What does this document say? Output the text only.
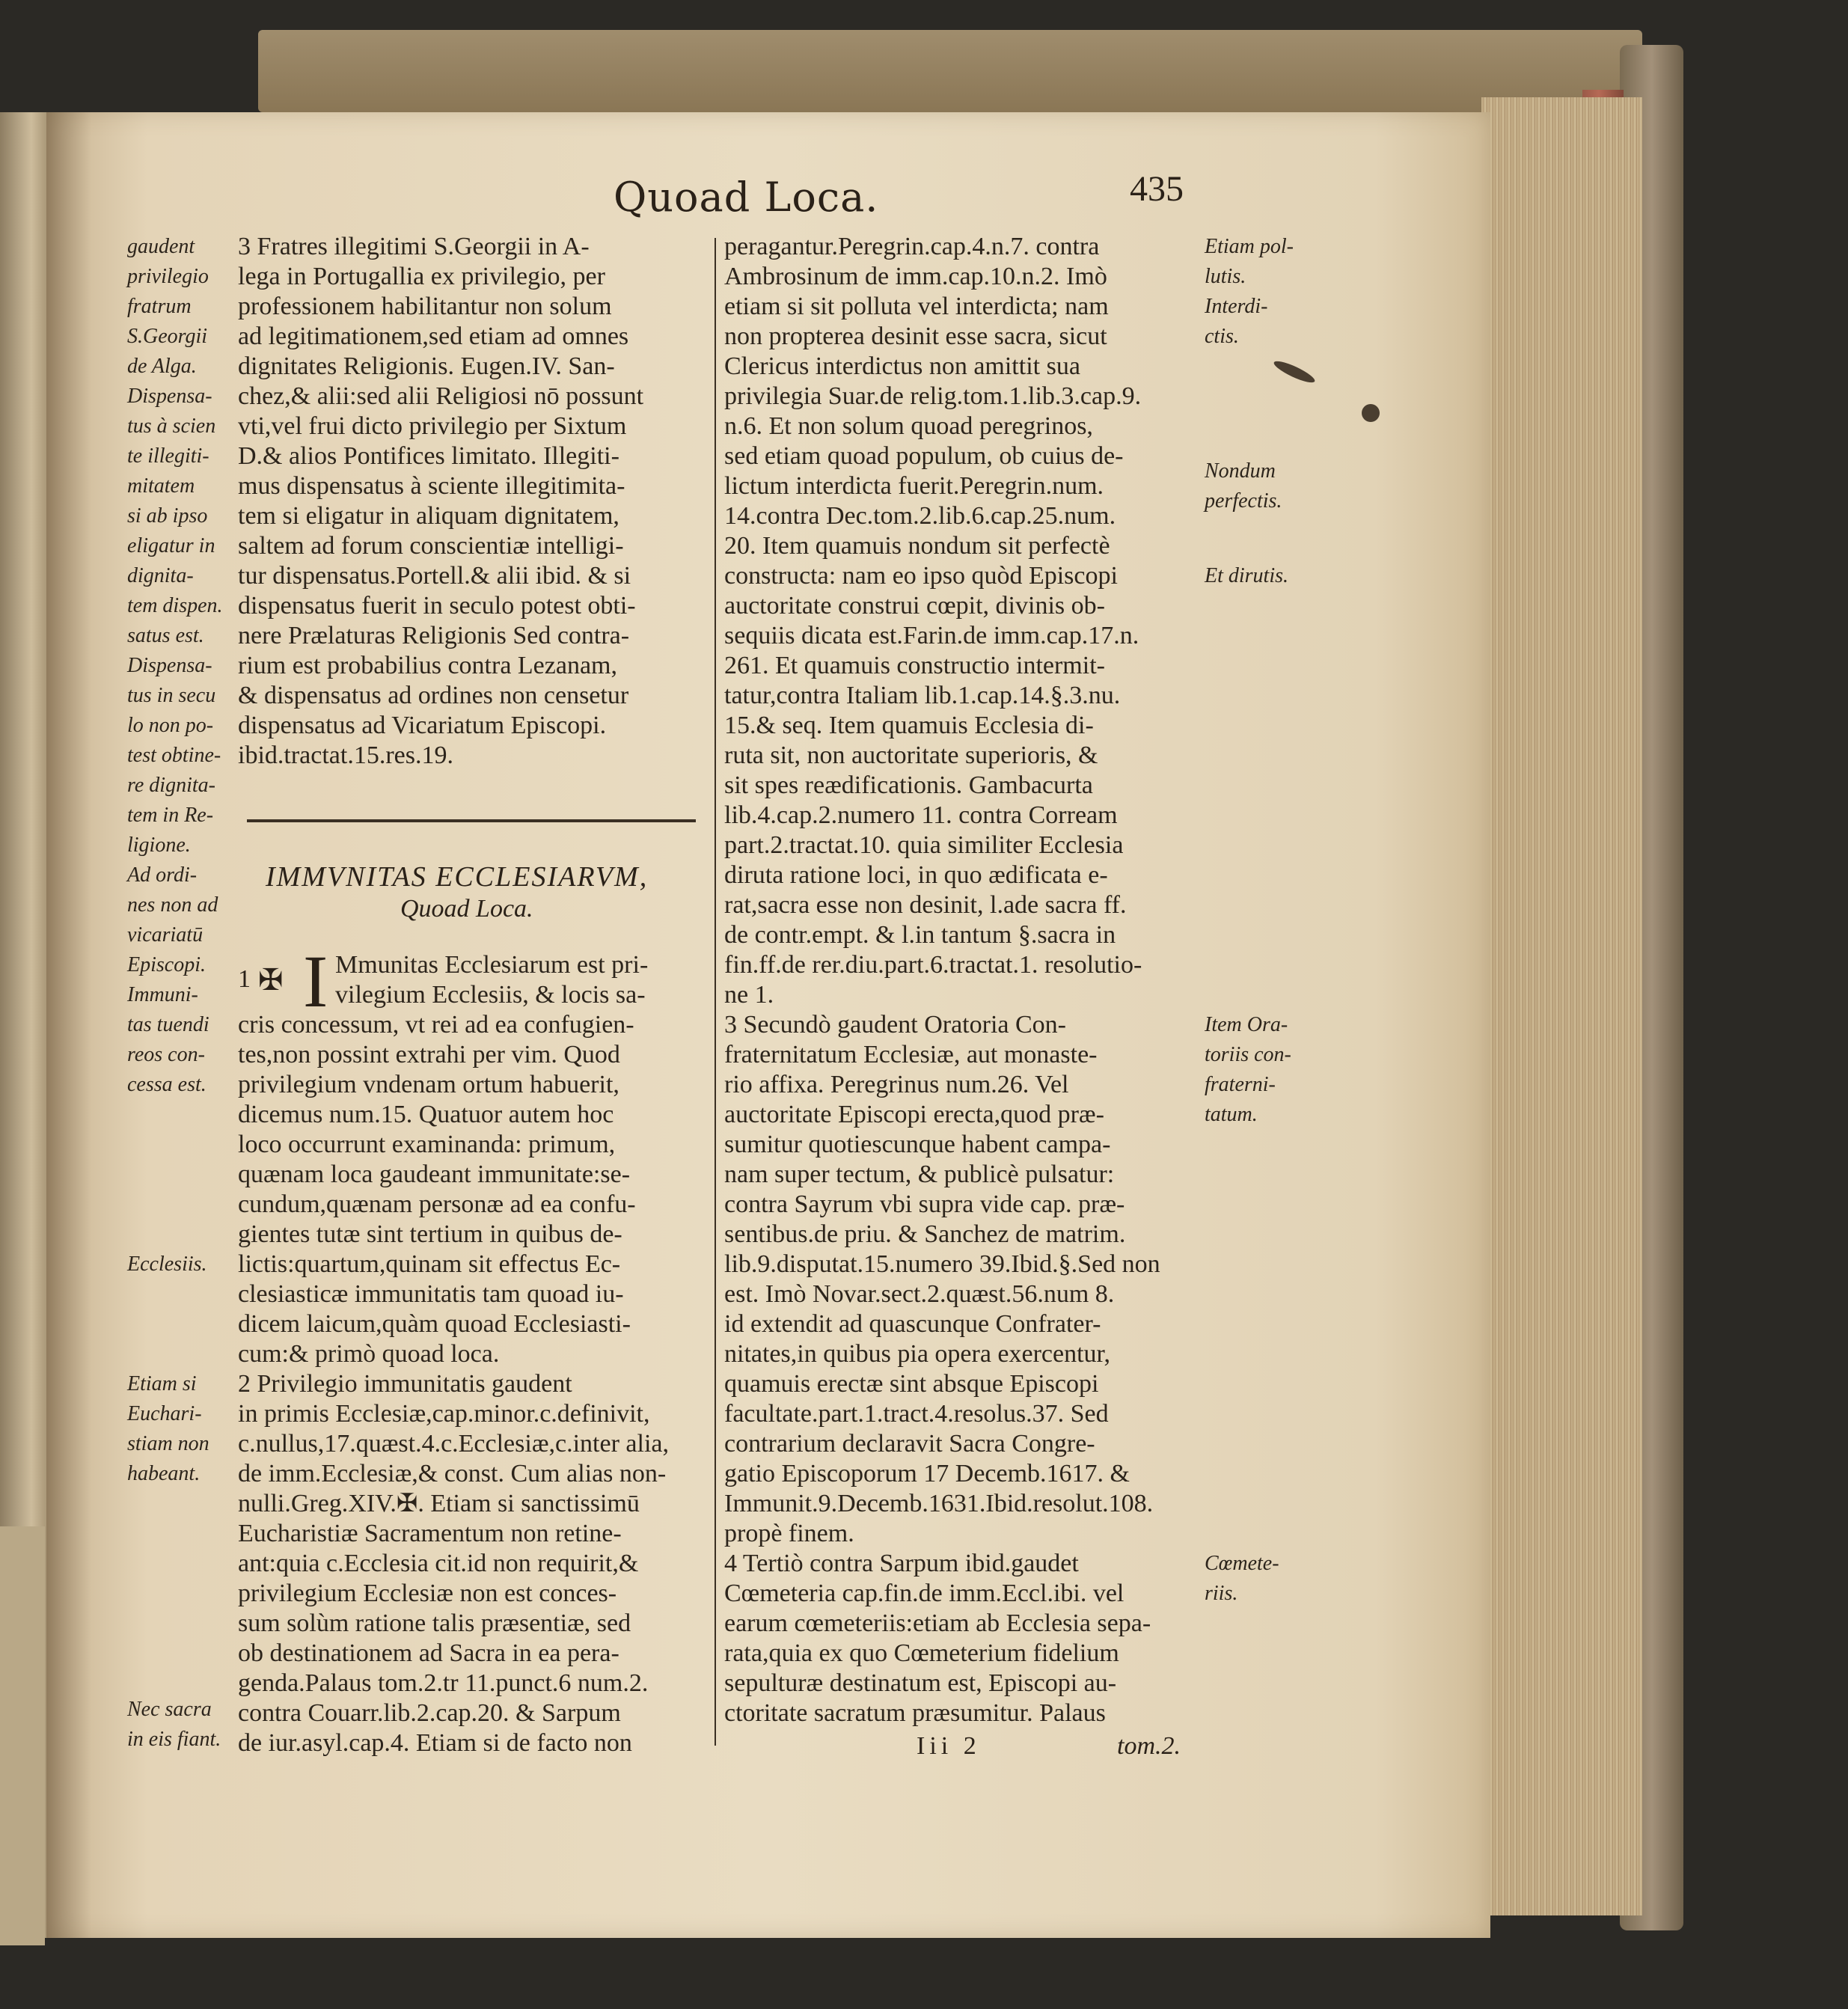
Quoad Loca.	435
3 Fratres illegitimi S.Georgii in A-
lega in Portugallia ex privilegio, per
professionem habilitantur non solum
ad legitimationem,sed etiam ad omnes
dignitates Religionis. Eugen.IV. San-
chez,& alii:sed alii Religiosi nō possunt
vti,vel frui dicto privilegio per Sixtum
D.& alios Pontifices limitato. Illegiti-
mus dispensatus à sciente illegitimita-
tem si eligatur in aliquam dignitatem,
saltem ad forum conscientiæ intelligi-
tur dispensatus.Portell.& alii ibid. & si
dispensatus fuerit in seculo potest obti-
nere Prælaturas Religionis Sed contra-
rium est probabilius contra Lezanam,
& dispensatus ad ordines non censetur
dispensatus ad Vicariatum Episcopi.
ibid.tractat.15.res.19.
IMMVNITAS ECCLESIARVM,
Quoad Loca.
1 ✠ I Mmunitas Ecclesiarum est pri-
vilegium Ecclesiis, & locis sa-
cris concessum, vt rei ad ea confugien-
tes,non possint extrahi per vim. Quod
privilegium vndenam ortum habuerit,
dicemus num.15. Quatuor autem hoc
loco occurrunt examinanda: primum,
quænam loca gaudeant immunitate:se-
cundum,quænam personæ ad ea confu-
gientes tutæ sint tertium in quibus de-
lictis:quartum,quinam sit effectus Ec-
clesiasticæ immunitatis tam quoad iu-
dicem laicum,quàm quoad Ecclesiasti-
cum:& primò quoad loca.
2 Privilegio immunitatis gaudent
in primis Ecclesiæ,cap.minor.c.definivit,
c.nullus,17.quæst.4.c.Ecclesiæ,c.inter alia,
de imm.Ecclesiæ,& const. Cum alias non-
nulli.Greg.XIV.✠. Etiam si sanctissimū
Eucharistiæ Sacramentum non retine-
ant:quia c.Ecclesia cit.id non requirit,&
privilegium Ecclesiæ non est conces-
sum solùm ratione talis præsentiæ, sed
ob destinationem ad Sacra in ea pera-
genda.Palaus tom.2.tr 11.punct.6 num.2.
contra Couarr.lib.2.cap.20. & Sarpum
de iur.asyl.cap.4. Etiam si de facto non
peragantur.Peregrin.cap.4.n.7. contra
Ambrosinum de imm.cap.10.n.2. Imò
etiam si sit polluta vel interdicta; nam
non propterea desinit esse sacra, sicut
Clericus interdictus non amittit sua
privilegia Suar.de relig.tom.1.lib.3.cap.9.
n.6. Et non solum quoad peregrinos,
sed etiam quoad populum, ob cuius de-
lictum interdicta fuerit.Peregrin.num.
14.contra Dec.tom.2.lib.6.cap.25.num.
20. Item quamuis nondum sit perfectè
constructa: nam eo ipso quòd Episcopi
auctoritate construi cœpit, divinis ob-
sequiis dicata est.Farin.de imm.cap.17.n.
261. Et quamuis constructio intermit-
tatur,contra Italiam lib.1.cap.14.§.3.nu.
15.& seq. Item quamuis Ecclesia di-
ruta sit, non auctoritate superioris, &
sit spes reædificationis. Gambacurta
lib.4.cap.2.numero 11. contra Corream
part.2.tractat.10. quia similiter Ecclesia
diruta ratione loci, in quo ædificata e-
rat,sacra esse non desinit, l.ade sacra ff.
de contr.empt. & l.in tantum §.sacra in
fin.ff.de rer.diu.part.6.tractat.1. resolutio-
ne 1.
3 Secundò gaudent Oratoria Con-
fraternitatum Ecclesiæ, aut monaste-
rio affixa. Peregrinus num.26. Vel
auctoritate Episcopi erecta,quod præ-
sumitur quotiescunque habent campa-
nam super tectum, & publicè pulsatur:
contra Sayrum vbi supra vide cap. præ-
sentibus.de priu. & Sanchez de matrim.
lib.9.disputat.15.numero 39.Ibid.§.Sed non
est. Imò Novar.sect.2.quæst.56.num 8.
id extendit ad quascunque Confrater-
nitates,in quibus pia opera exercentur,
quamuis erectæ sint absque Episcopi
facultate.part.1.tract.4.resolus.37. Sed
contrarium declaravit Sacra Congre-
gatio Episcoporum 17 Decemb.1617. &
Immunit.9.Decemb.1631.Ibid.resolut.108.
propè finem.
4 Tertiò contra Sarpum ibid.gaudet
Cœmeteria cap.fin.de imm.Eccl.ibi. vel
earum cœmeteriis:etiam ab Ecclesia sepa-
rata,quia ex quo Cœmeterium fidelium
sepulturæ destinatum est, Episcopi au-
ctoritate sacratum præsumitur. Palaus
gaudent
privilegio
fratrum
S.Georgii
de Alga.
Dispensa-
tus à scien
te illegiti-
mitatem
si ab ipso
eligatur in
dignita-
tem dispen.
satus est.
Dispensa-
tus in secu
lo non po-
test obtine-
re dignita-
tem in Re-
ligione.
Ad ordi-
nes non ad
vicariatū
Episcopi.
Immuni-
tas tuendi
reos con-
cessa est.
Ecclesiis.
Etiam si
Euchari-
stiam non
habeant.
Nec sacra
in eis fiant.
Etiam pol-
lutis.
Interdi-
ctis.
Nondum
perfectis.
Et dirutis.
Item Ora-
toriis con-
fraterni-
tatum.
Cœmete-
riis.
Iii 2	tom.2.
